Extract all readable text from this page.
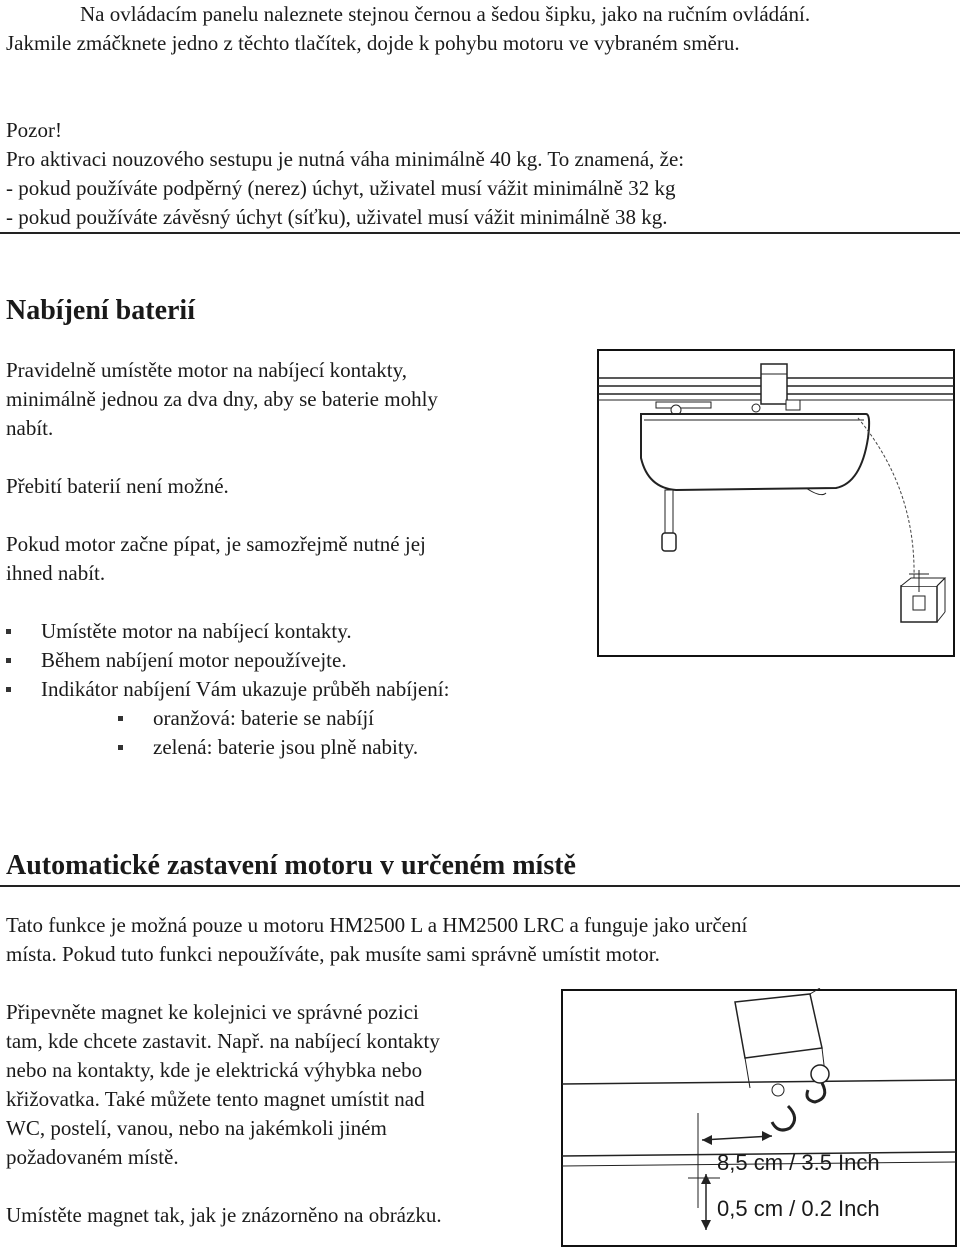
Na ovládacím panelu naleznete stejnou černou a šedou šipku, jako na ručním ovládání.

Jakmile zmáčknete jedno z těchto tlačítek, dojde k pohybu motoru ve vybraném směru.

Pozor!

Pro aktivaci nouzového sestupu je nutná váha minimálně 40 kg. To znamená, že:

- pokud používáte podpěrný (nerez) úchyt, uživatel musí vážit minimálně 32 kg

- pokud používáte závěsný úchyt (síťku), uživatel musí vážit minimálně 38 kg.

Nabíjení baterií

Pravidelně umístěte motor na nabíjecí kontakty,

minimálně jednou za dva dny, aby se baterie mohly

nabít.

Přebití baterií není možné.

Pokud motor začne pípat, je samozřejmě nutné jej

ihned nabít.

Umístěte motor na nabíjecí kontakty.
Během nabíjení motor nepoužívejte.
Indikátor nabíjení Vám ukazuje průběh nabíjení:
oranžová: baterie se nabíjí
zelená: baterie jsou plně nabity.
Automatické zastavení motoru v určeném místě

Tato funkce je možná pouze u motoru HM2500 L a HM2500 LRC a funguje jako určení

místa. Pokud tuto funkci nepoužíváte, pak musíte sami správně umístit motor.

Připevněte magnet ke kolejnici ve správné pozici

tam, kde chcete zastavit. Např. na nabíjecí kontakty

nebo na kontakty, kde je elektrická výhybka nebo

křižovatka. Také můžete tento magnet umístit nad

WC, postelí, vanou, nebo na jakémkoli jiném

požadovaném místě.

Umístěte magnet tak, jak je znázorněno na obrázku.

8,5 cm / 3.5 Inch
0,5 cm / 0.2 Inch
